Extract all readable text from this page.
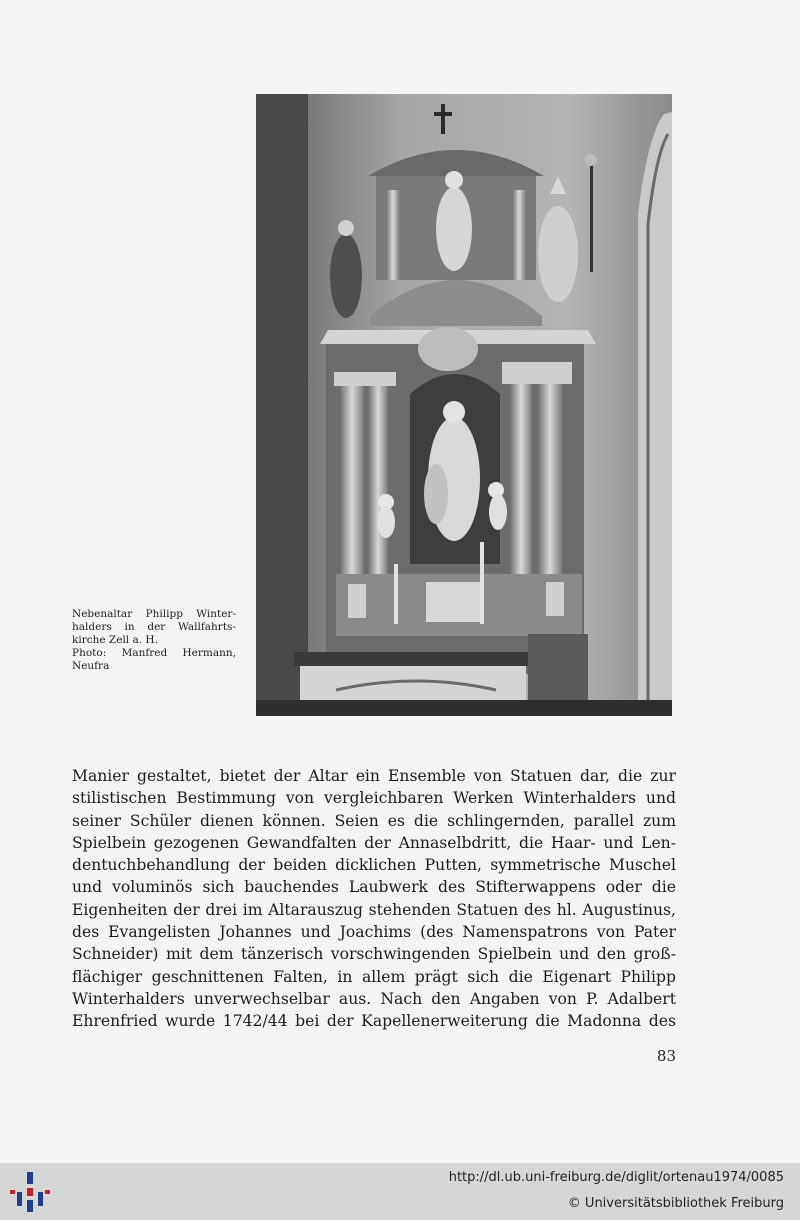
Nebenaltar Philipp Winter-
halders in der Wallfahrts-
kirche Zell a. H.
Photo: Manfred Hermann,
Neufra
Manier gestaltet, bietet der Altar ein Ensemble von Statuen dar, die zur
stilistischen Bestimmung von vergleichbaren Werken Winterhalders und
seiner Schüler dienen können. Seien es die schlingernden, parallel zum
Spielbein gezogenen Gewandfalten der Annaselbdritt, die Haar- und Len-
dentuchbehandlung der beiden dicklichen Putten, symmetrische Muschel
und voluminös sich bauchendes Laubwerk des Stifterwappens oder die
Eigenheiten der drei im Altarauszug stehenden Statuen des hl. Augustinus,
des Evangelisten Johannes und Joachims (des Namenspatrons von Pater
Schneider) mit dem tänzerisch vorschwingenden Spielbein und den groß-
flächiger geschnittenen Falten, in allem prägt sich die Eigenart Philipp
Winterhalders unverwechselbar aus. Nach den Angaben von P. Adalbert
Ehrenfried wurde 1742/44 bei der Kapellenerweiterung die Madonna des
83
http://dl.ub.uni-freiburg.de/diglit/ortenau1974/0085
© Universitätsbibliothek Freiburg
